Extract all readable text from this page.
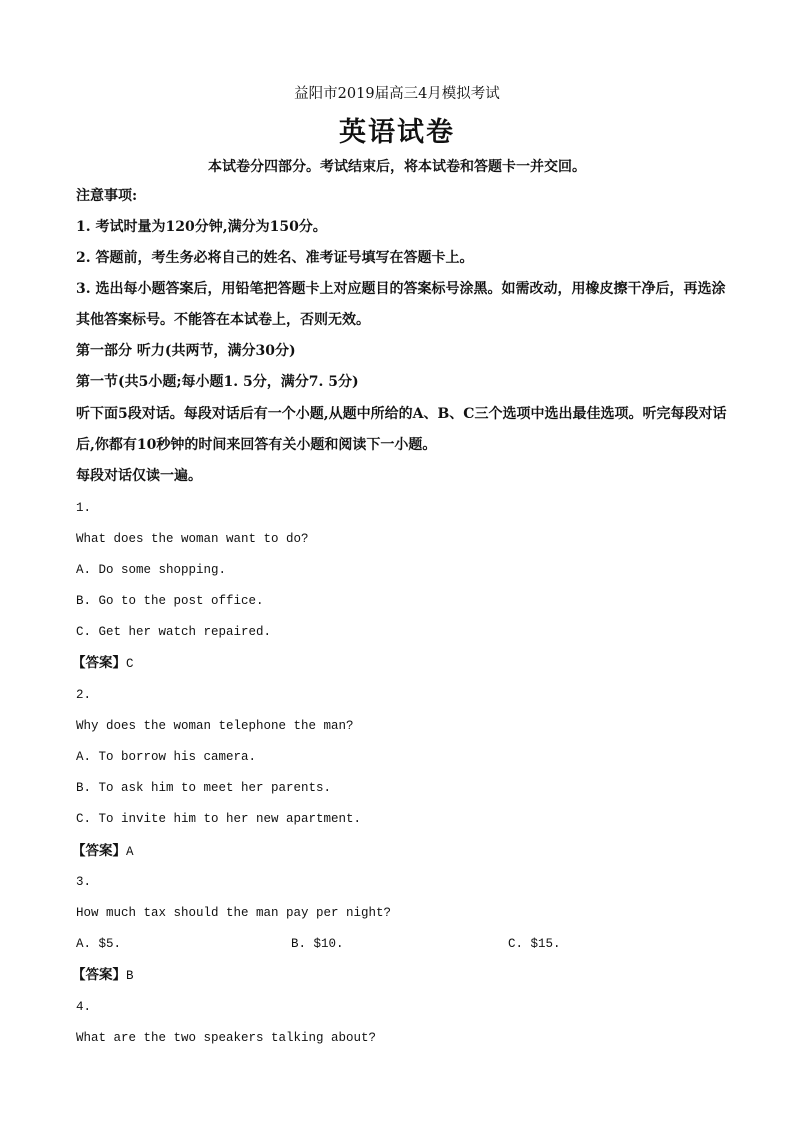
益阳市2019届高三4月模拟考试
英语试卷
本试卷分四部分。考试结束后，将本试卷和答题卡一并交回。
注意事项:
1. 考试时量为120分钟,满分为150分。
2. 答题前，考生务必将自己的姓名、准考证号填写在答题卡上。
3. 选出每小题答案后，用铅笔把答题卡上对应题目的答案标号涂黑。如需改动，用橡皮擦干净后，再选涂
其他答案标号。不能答在本试卷上，否则无效。
第一部分 听力(共两节，满分30分)
第一节(共5小题;每小题1. 5分，满分7. 5分)
听下面5段对话。每段对话后有一个小题,从题中所给的A、B、C三个选项中选出最佳选项。听完每段对话
后,你都有10秒钟的时间来回答有关小题和阅读下一小题。
每段对话仅读一遍。
1.
What does the woman want to do?
A. Do some shopping.
B. Go to the post office.
C. Get her watch repaired.
【答案】C
2.
Why does the woman telephone the man?
A. To borrow his camera.
B. To ask him to meet her parents.
C. To invite him to her new apartment.
【答案】A
3.
How much tax should the man pay per night?
A. $5.	B. $10.	C. $15.
【答案】B
4.
What are the two speakers talking about?
